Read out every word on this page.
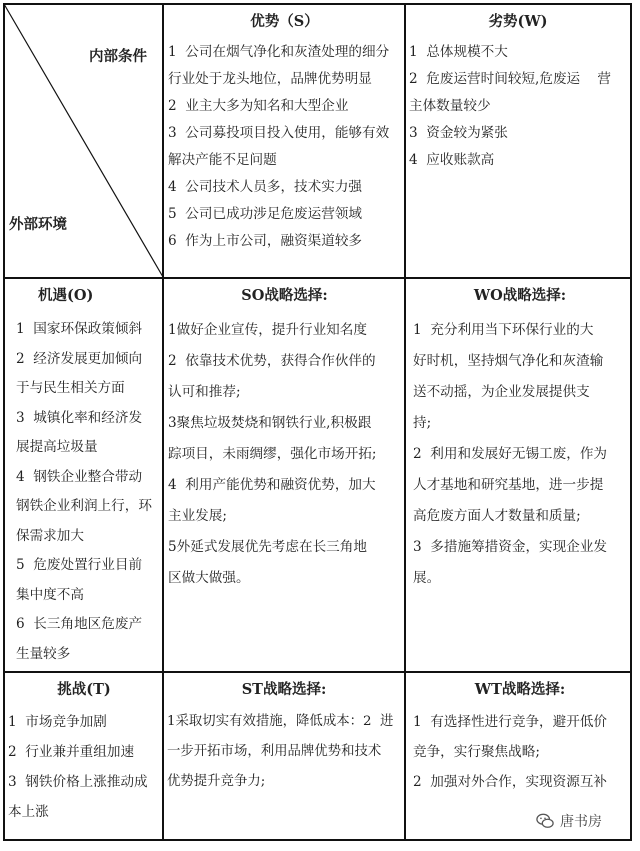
内部条件
外部环境
优势（S）
1  公司在烟气净化和灰渣处理的细分
行业处于龙头地位，品牌优势明显
2  业主大多为知名和大型企业
3  公司募投项目投入使用，能够有效
解决产能不足问题
4  公司技术人员多，技术实力强
5  公司已成功涉足危废运营领域
6  作为上市公司，融资渠道较多
劣势(W)
1  总体规模不大
2  危废运营时间较短,危废运    营
主体数量较少
3  资金较为紧张
4  应收账款高
机遇(O)
1  国家环保政策倾斜
2  经济发展更加倾向
于与民生相关方面
3  城镇化率和经济发
展提高垃圾量
4  钢铁企业整合带动
钢铁企业利润上行，环
保需求加大
5  危废处置行业目前
集中度不高
6  长三角地区危废产
生量较多
SO战略选择:
1做好企业宣传，提升行业知名度
2  依靠技术优势，获得合作伙伴的
认可和推荐;
3聚焦垃圾焚烧和钢铁行业,积极跟
踪项目，未雨绸缪，强化市场开拓;
4  利用产能优势和融资优势，加大
主业发展;
5外延式发展优先考虑在长三角地
区做大做强。
WO战略选择:
1  充分利用当下环保行业的大
好时机，坚持烟气净化和灰渣输
送不动摇，为企业发展提供支
持;
2  利用和发展好无锡工废，作为
人才基地和研究基地，进一步提
高危废方面人才数量和质量;
3  多措施筹措资金，实现企业发
展。
挑战(T)
1  市场竞争加剧
2  行业兼并重组加速
3  钢铁价格上涨推动成
本上涨
ST战略选择:
1采取切实有效措施，降低成本：2  进
一步开拓市场，利用品牌优势和技术
优势提升竞争力;
WT战略选择:
1  有选择性进行竞争，避开低价
竞争，实行聚焦战略;
2  加强对外合作，实现资源互补
唐书房
